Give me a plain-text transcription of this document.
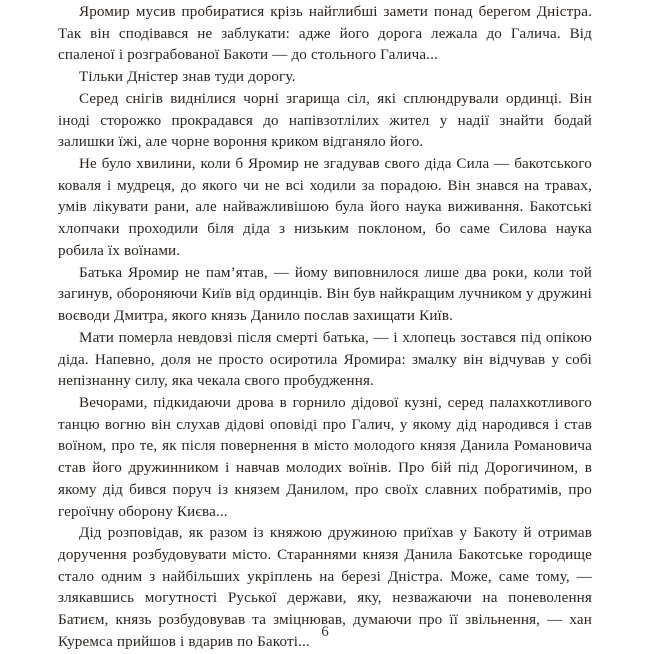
Яромир мусив пробиратися крізь найглибші замети понад берегом Дністра. Так він сподівався не заблукати: адже його дорога лежала до Галича. Від спаленої і розграбованої Бакоти — до стольного Галича...

Тільки Дністер знав туди дорогу.

Серед снігів виднілися чорні згарища сіл, які сплюндрували ординці. Він іноді сторожко прокрадався до напівзотлілих жител у надії знайти бодай залишки їжі, але чорне вороння криком відганяло його.

Не було хвилини, коли б Яромир не згадував свого діда Сила — бакотського коваля і мудреця, до якого чи не всі ходили за порадою. Він знався на травах, умів лікувати рани, але найважливішою була його наука виживання. Бакотські хлопчаки проходили біля діда з низьким поклоном, бо саме Силова наука робила їх воїнами.

Батька Яромир не пам’ятав, — йому виповнилося лише два роки, коли той загинув, обороняючи Київ від ординців. Він був найкращим лучником у дружині воєводи Дмитра, якого князь Данило послав захищати Київ.

Мати померла невдовзі після смерті батька, — і хлопець зостався під опікою діда. Напевно, доля не просто осиротила Яромира: змалку він відчував у собі непізнанну силу, яка чекала свого пробудження.

Вечорами, підкидаючи дрова в горнило дідової кузні, серед палахкотливого танцю вогню він слухав дідові оповіді про Галич, у якому дід народився і став воїном, про те, як після повернення в місто молодого князя Данила Романовича став його дружинником і навчав молодих воїнів. Про бій під Дорогичином, в якому дід бився поруч із князем Данилом, про своїх славних побратимів, про героїчну оборону Києва...

Дід розповідав, як разом із княжою дружиною приїхав у Бакоту й отримав доручення розбудовувати місто. Стараннями князя Данила Бакотське городище стало одним з найбільших укріплень на березі Дністра. Може, саме тому, — злякавшись могутності Руської держави, яку, незважаючи на поневолення Батиєм, князь розбудовував та зміцнював, думаючи про її звільнення, — хан Куремса прийшов і вдарив по Бакоті...

6
